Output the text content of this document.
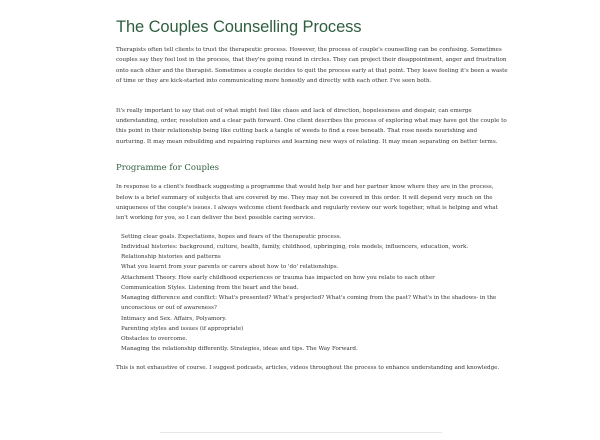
The Couples Counselling Process

Therapists often tell clients to trust the therapeutic process. However, the process of couple's counselling can be confusing. Sometimes couples say they feel lost in the process, that they're going round in circles. They can project their disappointment, anger and frustration onto each other and the therapist. Sometimes a couple decides to quit the process early at that point. They leave feeling it's been a waste of time or they are kick-started into communicating more honestly and directly with each other. I've seen both.

It's really important to say that out of what might feel like chaos and lack of direction, hopelessness and despair, can emerge understanding, order, resolution and a clear path forward. One client describes the process of exploring what may have got the couple to this point in their relationship being like cutting back a tangle of weeds to find a rose beneath. That rose needs nourishing and nurturing. It may mean rebuilding and repairing ruptures and learning new ways of relating. It may mean separating on better terms.

Programme for Couples

In response to a client's feedback suggesting a programme that would help her and her partner know where they are in the process, below is a brief summary of subjects that are covered by me. They may not be covered in this order. It will depend very much on the uniqueness of the couple's issues. I always welcome client feedback and regularly review our work together, what is helping and what isn't working for you, so I can deliver the best possible caring service.

Setting clear goals. Expectations, hopes and fears of the therapeutic process.
Individual histories: background, culture, health, family, childhood, upbringing, role models, influencers, education, work.
Relationship histories and patterns
What you learnt from your parents or carers about how to 'do' relationships.
Attachment Theory. How early childhood experiences or trauma has impacted on how you relate to each other
Communication Styles. Listening from the heart and the head.
Managing difference and conflict: What's presented? What's projected? What's coming from the past? What's in the shadows- in the unconscious or out of awareness?
Intimacy and Sex. Affairs, Polyamory.
Parenting styles and issues (if appropriate)
Obstacles to overcome.
Managing the relationship differently. Strategies, ideas and tips. The Way Forward.

This is not exhaustive of course. I suggest podcasts, articles, videos throughout the process to enhance understanding and knowledge.
